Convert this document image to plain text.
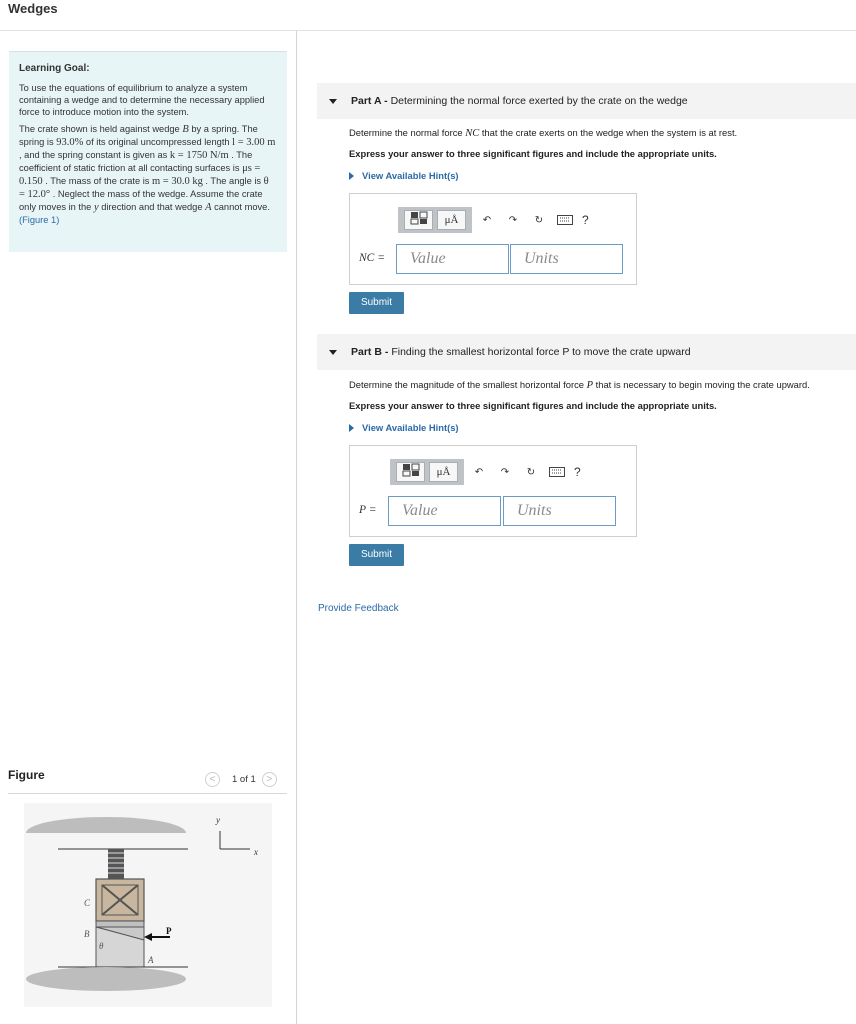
Wedges
Learning Goal:
To use the equations of equilibrium to analyze a system containing a wedge and to determine the necessary applied force to introduce motion into the system.
The crate shown is held against wedge B by a spring. The spring is 93.0% of its original uncompressed length l = 3.00 m , and the spring constant is given as k = 1750 N/m . The coefficient of static friction at all contacting surfaces is μs = 0.150 . The mass of the crate is m = 30.0 kg . The angle is θ = 12.0° . Neglect the mass of the wedge. Assume the crate only moves in the y direction and that wedge A cannot move. (Figure 1)
Figure	<	1 of 1	>
y
x
C
B
A
P
θ
Part A - Determining the normal force exerted by the crate on the wedge
Determine the normal force NC that the crate exerts on the wedge when the system is at rest.
Express your answer to three significant figures and include the appropriate units.
View Available Hint(s)
μÅ	↶	↷	↻	?
NC =	Value	Units
Submit
Part B - Finding the smallest horizontal force P to move the crate upward
Determine the magnitude of the smallest horizontal force P that is necessary to begin moving the crate upward.
Express your answer to three significant figures and include the appropriate units.
View Available Hint(s)
μÅ	↶	↷	↻	?
P =	Value	Units
Submit
Provide Feedback
